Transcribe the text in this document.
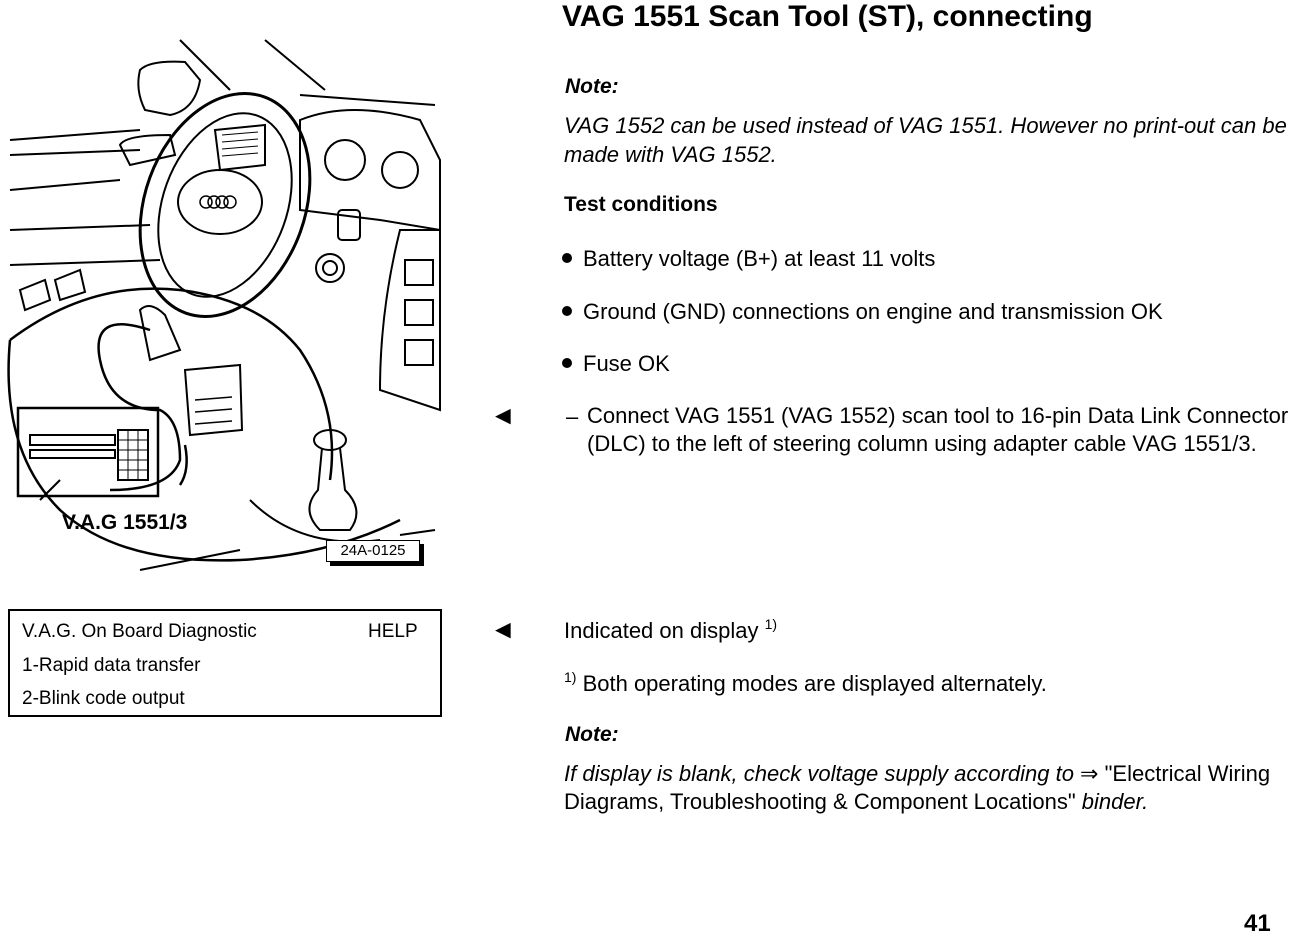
VAG 1551 Scan Tool (ST), connecting
Note:
VAG 1552 can be used instead of VAG 1551. However no print-out can be made with VAG 1552.
Test conditions
Battery voltage (B+) at least 11 volts
Ground (GND) connections on engine and transmission OK
Fuse OK
◄ – Connect VAG 1551 (VAG 1552) scan tool to 16-pin Data Link Connector (DLC) to the left of steering column using adapter cable VAG 1551/3.
◄ Indicated on display $^{1)}$
$^{1)}$ Both operating modes are displayed alternately.
Note:
If display is blank, check voltage supply according to ⇒ "Electrical Wiring Diagrams, Troubleshooting & Component Locations" binder.
41
V.A.G. On Board Diagnostic	HELP
1-Rapid data transfer
2-Blink code output
24A-0125
V.A.G 1551/3
